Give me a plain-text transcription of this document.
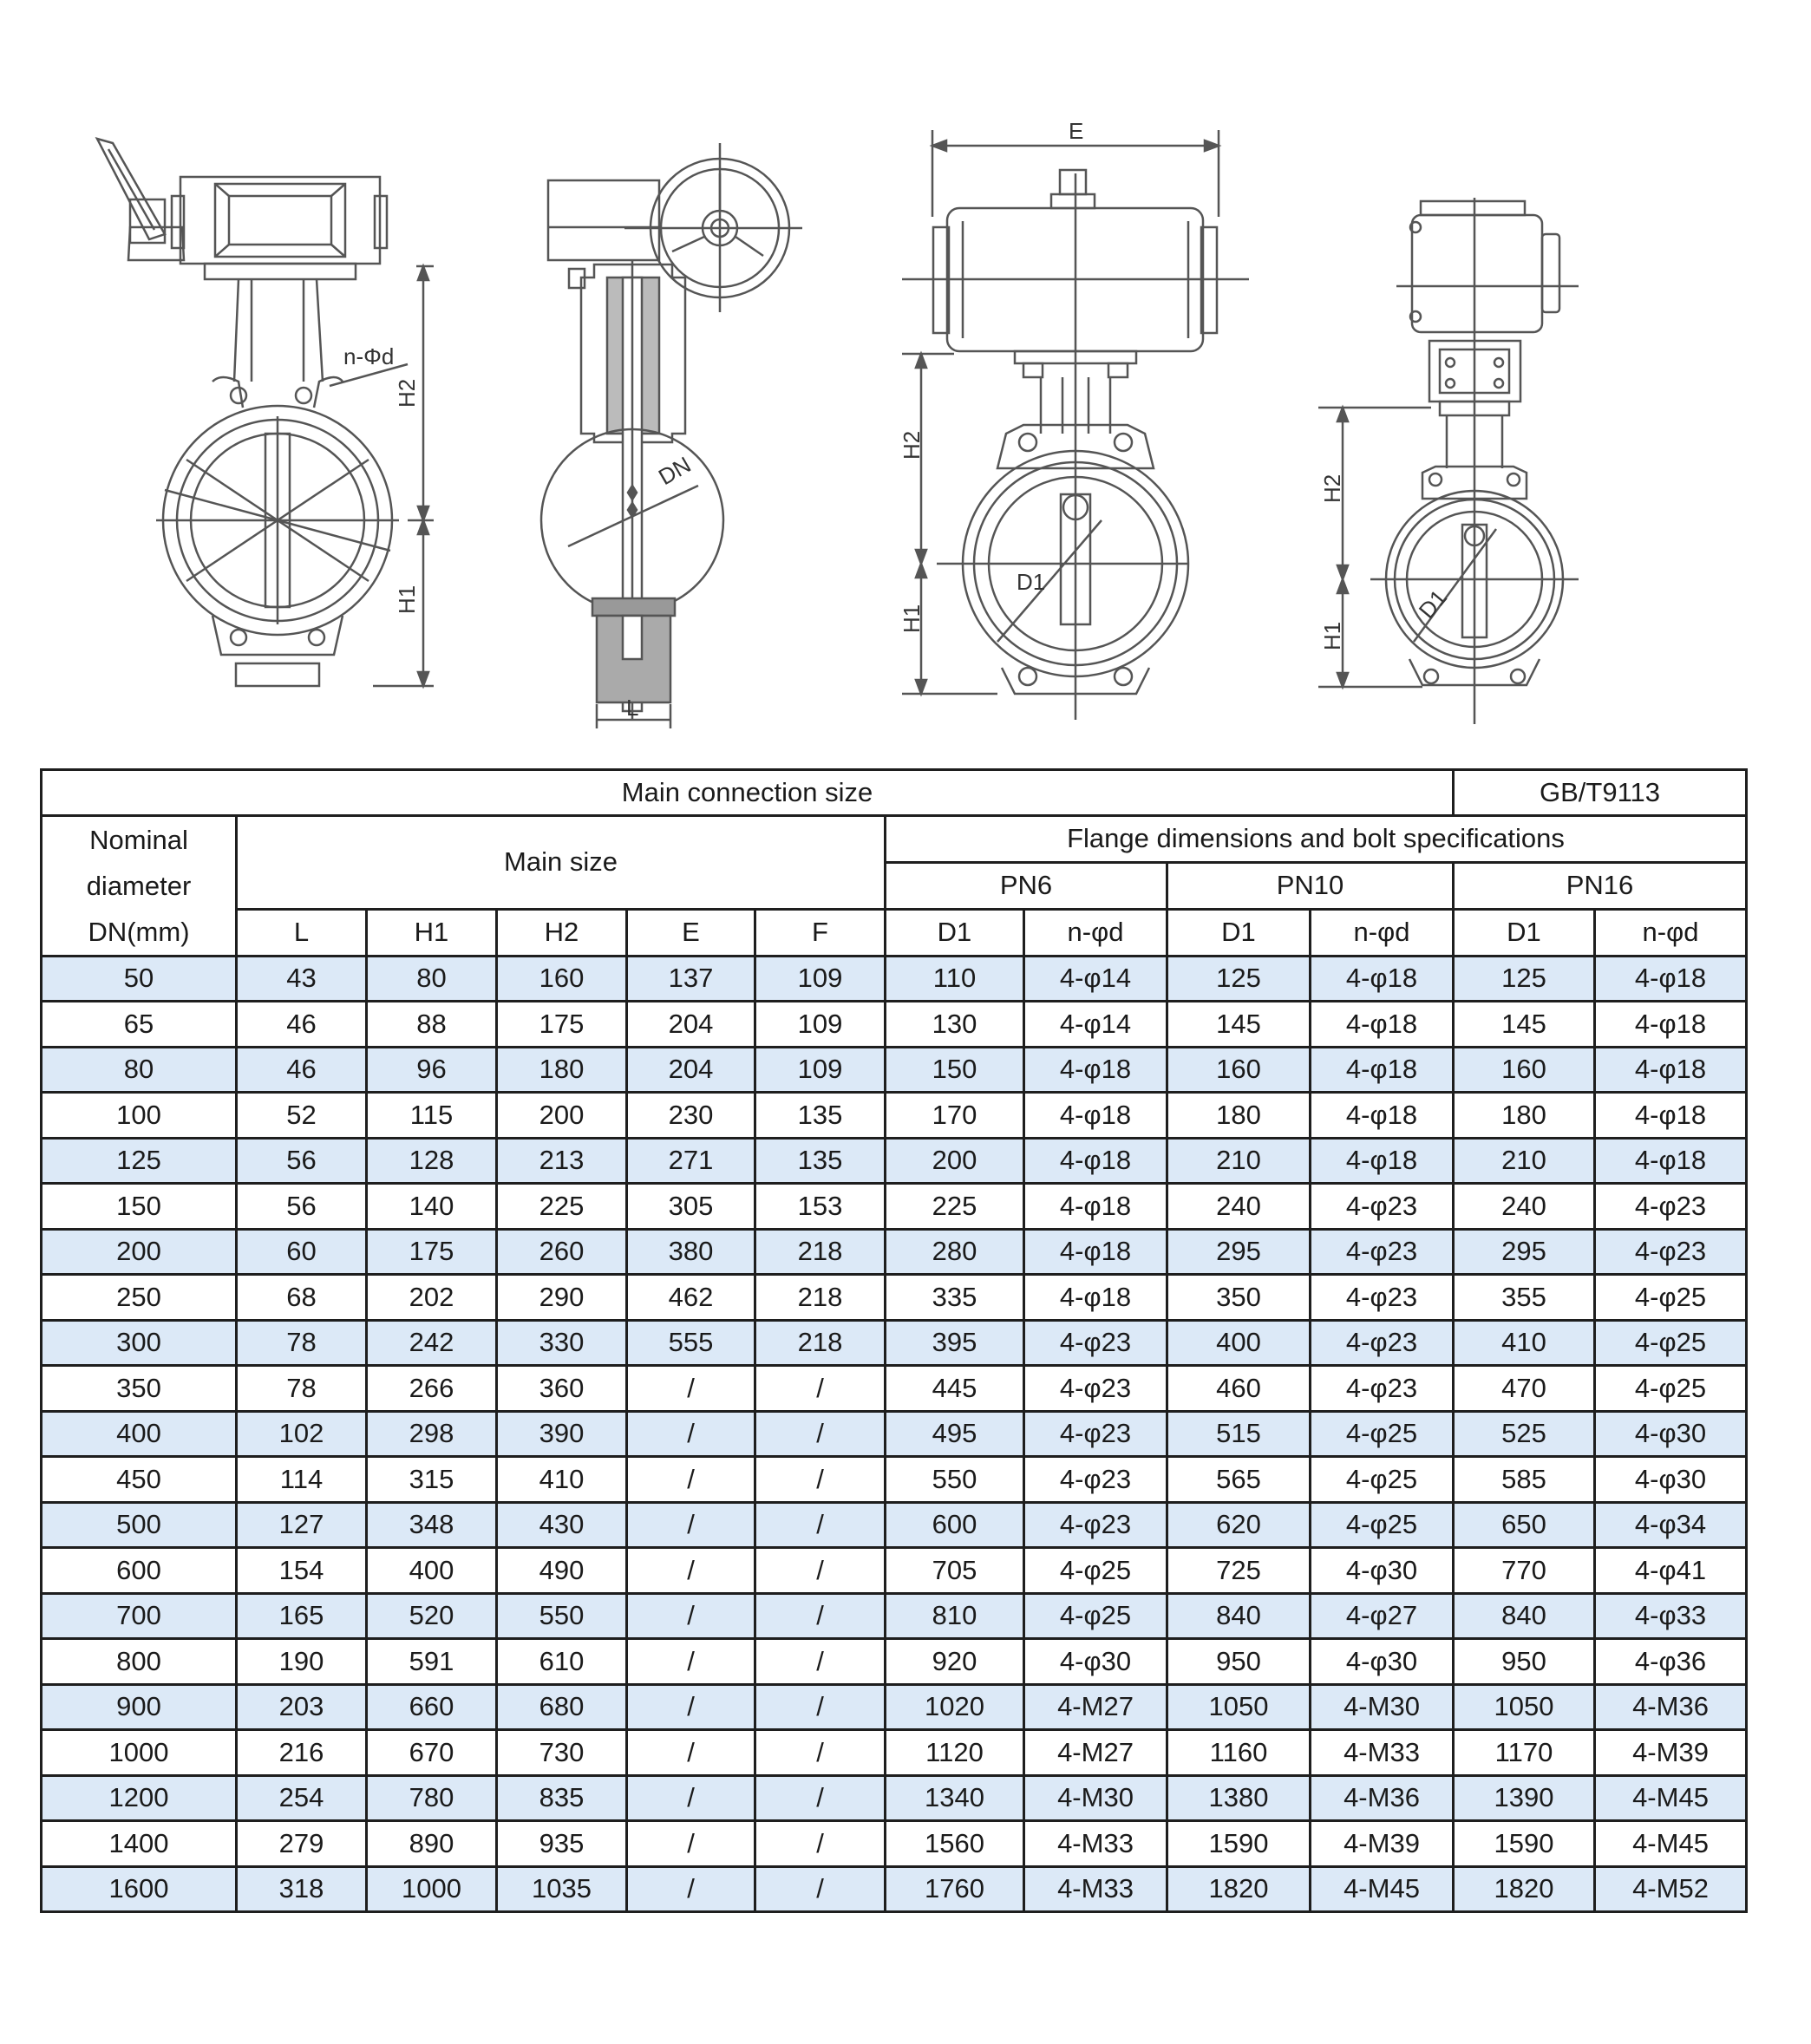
n-Φd
H2
H1
DN
L
E
H2
H1
D1
H2
H1
D1
Main connection size										GB/T9113	

Nominal
diameter
DN(mm)	Main size					Flange dimensions and bolt specifications					
						PN6		PN10		PN16	
	L	H1	H2	E	F	D1	n-φd	D1	n-φd	D1	n-φd
50	43	80	160	137	109	110	4-φ14	125	4-φ18	125	4-φ18
65	46	88	175	204	109	130	4-φ14	145	4-φ18	145	4-φ18
80	46	96	180	204	109	150	4-φ18	160	4-φ18	160	4-φ18
100	52	115	200	230	135	170	4-φ18	180	4-φ18	180	4-φ18
125	56	128	213	271	135	200	4-φ18	210	4-φ18	210	4-φ18
150	56	140	225	305	153	225	4-φ18	240	4-φ23	240	4-φ23
200	60	175	260	380	218	280	4-φ18	295	4-φ23	295	4-φ23
250	68	202	290	462	218	335	4-φ18	350	4-φ23	355	4-φ25
300	78	242	330	555	218	395	4-φ23	400	4-φ23	410	4-φ25
350	78	266	360	/	/	445	4-φ23	460	4-φ23	470	4-φ25
400	102	298	390	/	/	495	4-φ23	515	4-φ25	525	4-φ30
450	114	315	410	/	/	550	4-φ23	565	4-φ25	585	4-φ30
500	127	348	430	/	/	600	4-φ23	620	4-φ25	650	4-φ34
600	154	400	490	/	/	705	4-φ25	725	4-φ30	770	4-φ41
700	165	520	550	/	/	810	4-φ25	840	4-φ27	840	4-φ33
800	190	591	610	/	/	920	4-φ30	950	4-φ30	950	4-φ36
900	203	660	680	/	/	1020	4-M27	1050	4-M30	1050	4-M36
1000	216	670	730	/	/	1120	4-M27	1160	4-M33	1170	4-M39
1200	254	780	835	/	/	1340	4-M30	1380	4-M36	1390	4-M45
1400	279	890	935	/	/	1560	4-M33	1590	4-M39	1590	4-M45
1600	318	1000	1035	/	/	1760	4-M33	1820	4-M45	1820	4-M52
